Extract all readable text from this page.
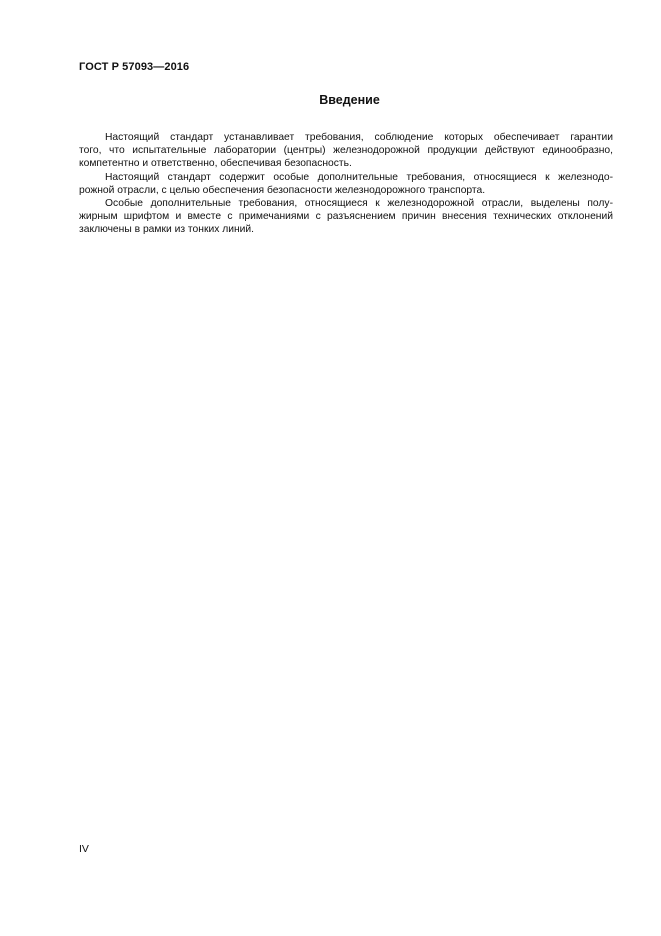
ГОСТ Р 57093—2016
Введение
Настоящий стандарт устанавливает требования, соблюдение которых обеспечивает гарантии
того, что испытательные лаборатории (центры) железнодорожной продукции действуют единообразно,
компетентно и ответственно, обеспечивая безопасность.
Настоящий стандарт содержит особые дополнительные требования, относящиеся к железнодо-
рожной отрасли, с целью обеспечения безопасности железнодорожного транспорта.
Особые дополнительные требования, относящиеся к железнодорожной отрасли, выделены полу-
жирным шрифтом и вместе с примечаниями с разъяснением причин внесения технических отклонений
заключены в рамки из тонких линий.
IV
